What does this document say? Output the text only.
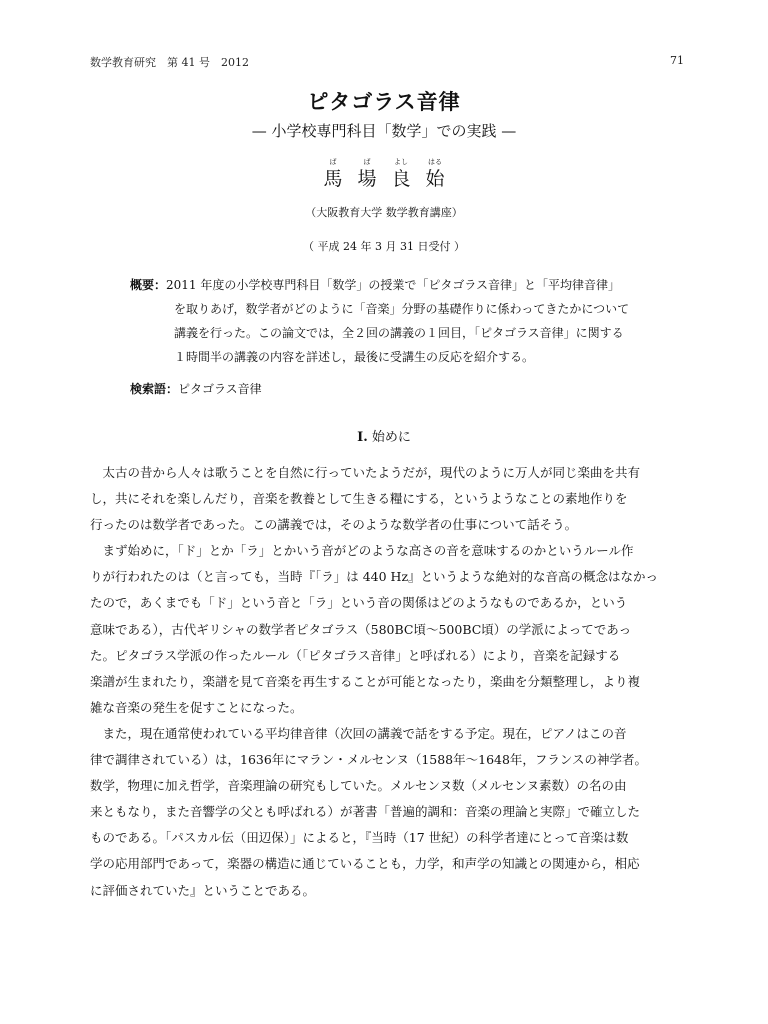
数学教育研究　第 41 号　2012	71
ピタゴラス音律
— 小学校専門科目「数学」での実践 —
ば
馬
ば
場
よし
良
はる
始
（大阪教育大学 数学教育講座）
（ 平成 24 年 3 月 31 日受付 ）
概要：2011 年度の小学校専門科目「数学」の授業で「ピタゴラス音律」と「平均律音律」
を取りあげ，数学者がどのように「音楽」分野の基礎作りに係わってきたかについて
講義を行った。この論文では，全２回の講義の１回目，「ピタゴラス音律」に関する
１時間半の講義の内容を詳述し，最後に受講生の反応を紹介する。
検索語：ピタゴラス音律
I. 始めに
　太古の昔から人々は歌うことを自然に行っていたようだが，現代のように万人が同じ楽曲を共有
し，共にそれを楽しんだり，音楽を教養として生きる糧にする，というようなことの素地作りを
行ったのは数学者であった。この講義では，そのような数学者の仕事について話そう。
　まず始めに，「ド」とか「ラ」とかいう音がどのような高さの音を意味するのかというルール作
りが行われたのは（と言っても，当時『「ラ」は 440 Hz』というような絶対的な音高の概念はなかっ
たので，あくまでも「ド」という音と「ラ」という音の関係はどのようなものであるか，という
意味である），古代ギリシャの数学者ピタゴラス（580BC頃～500BC頃）の学派によってであっ
た。ピタゴラス学派の作ったルール（「ピタゴラス音律」と呼ばれる）により，音楽を記録する
楽譜が生まれたり，楽譜を見て音楽を再生することが可能となったり，楽曲を分類整理し，より複
雑な音楽の発生を促すことになった。
　また，現在通常使われている平均律音律（次回の講義で話をする予定。現在，ピアノはこの音
律で調律されている）は，1636年にマラン・メルセンヌ（1588年～1648年，フランスの神学者。
数学，物理に加え哲学，音楽理論の研究もしていた。メルセンヌ数（メルセンヌ素数）の名の由
来ともなり，また音響学の父とも呼ばれる）が著書「普遍的調和：音楽の理論と実際」で確立した
ものである。「パスカル伝（田辺保）」によると，『当時（17 世紀）の科学者達にとって音楽は数
学の応用部門であって，楽器の構造に通じていることも，力学，和声学の知識との関連から，相応
に評価されていた』ということである。
